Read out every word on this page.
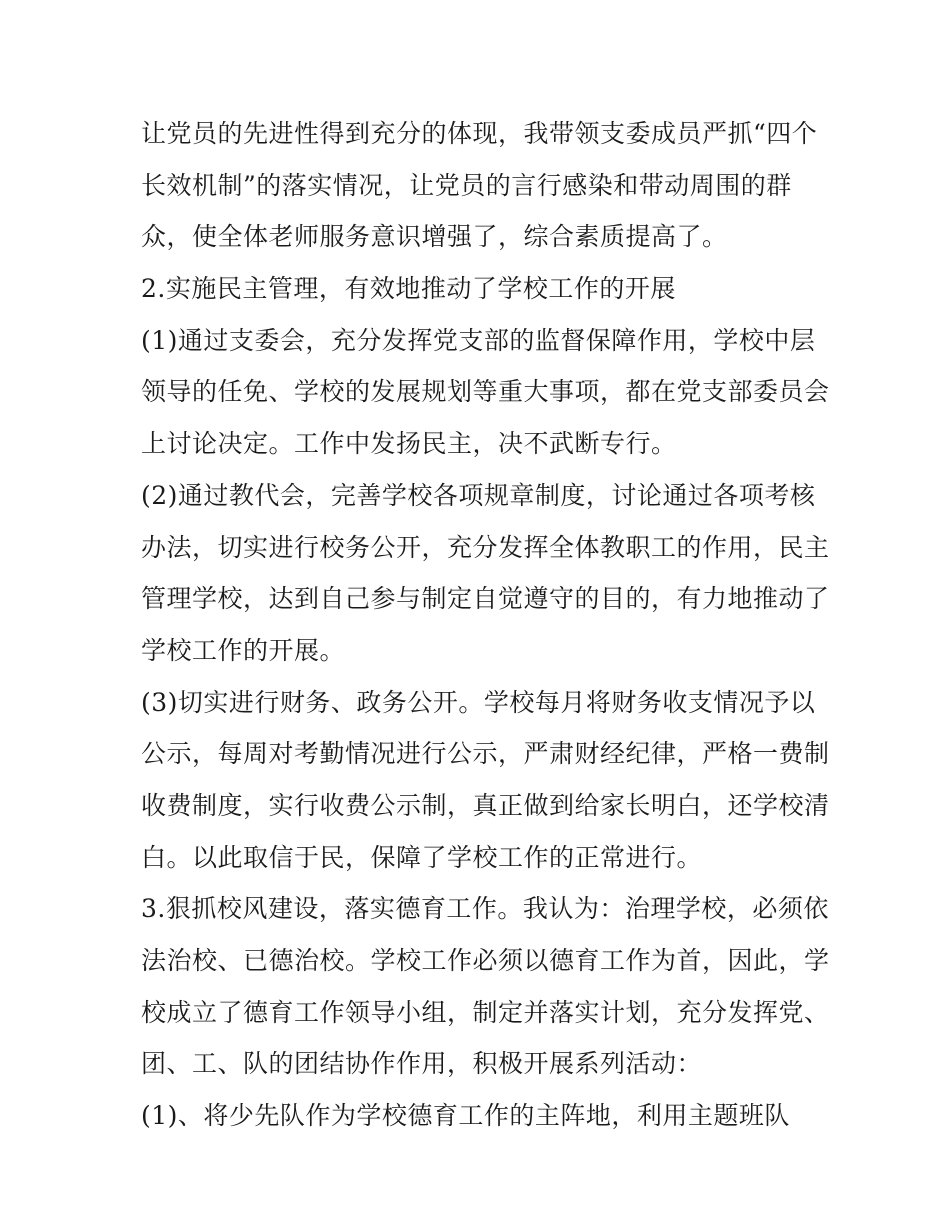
让党员的先进性得到充分的体现，我带领支委成员严抓“四个
长效机制”的落实情况，让党员的言行感染和带动周围的群
众，使全体老师服务意识增强了，综合素质提高了。
2.实施民主管理，有效地推动了学校工作的开展
(1)通过支委会，充分发挥党支部的监督保障作用，学校中层
领导的任免、学校的发展规划等重大事项，都在党支部委员会
上讨论决定。工作中发扬民主，决不武断专行。
(2)通过教代会，完善学校各项规章制度，讨论通过各项考核
办法，切实进行校务公开，充分发挥全体教职工的作用，民主
管理学校，达到自己参与制定自觉遵守的目的，有力地推动了
学校工作的开展。
(3)切实进行财务、政务公开。学校每月将财务收支情况予以
公示，每周对考勤情况进行公示，严肃财经纪律，严格一费制
收费制度，实行收费公示制，真正做到给家长明白，还学校清
白。以此取信于民，保障了学校工作的正常进行。
3.狠抓校风建设，落实德育工作。我认为：治理学校，必须依
法治校、已德治校。学校工作必须以德育工作为首，因此，学
校成立了德育工作领导小组，制定并落实计划，充分发挥党、
团、工、队的团结协作作用，积极开展系列活动：
(1)、将少先队作为学校德育工作的主阵地，利用主题班队
